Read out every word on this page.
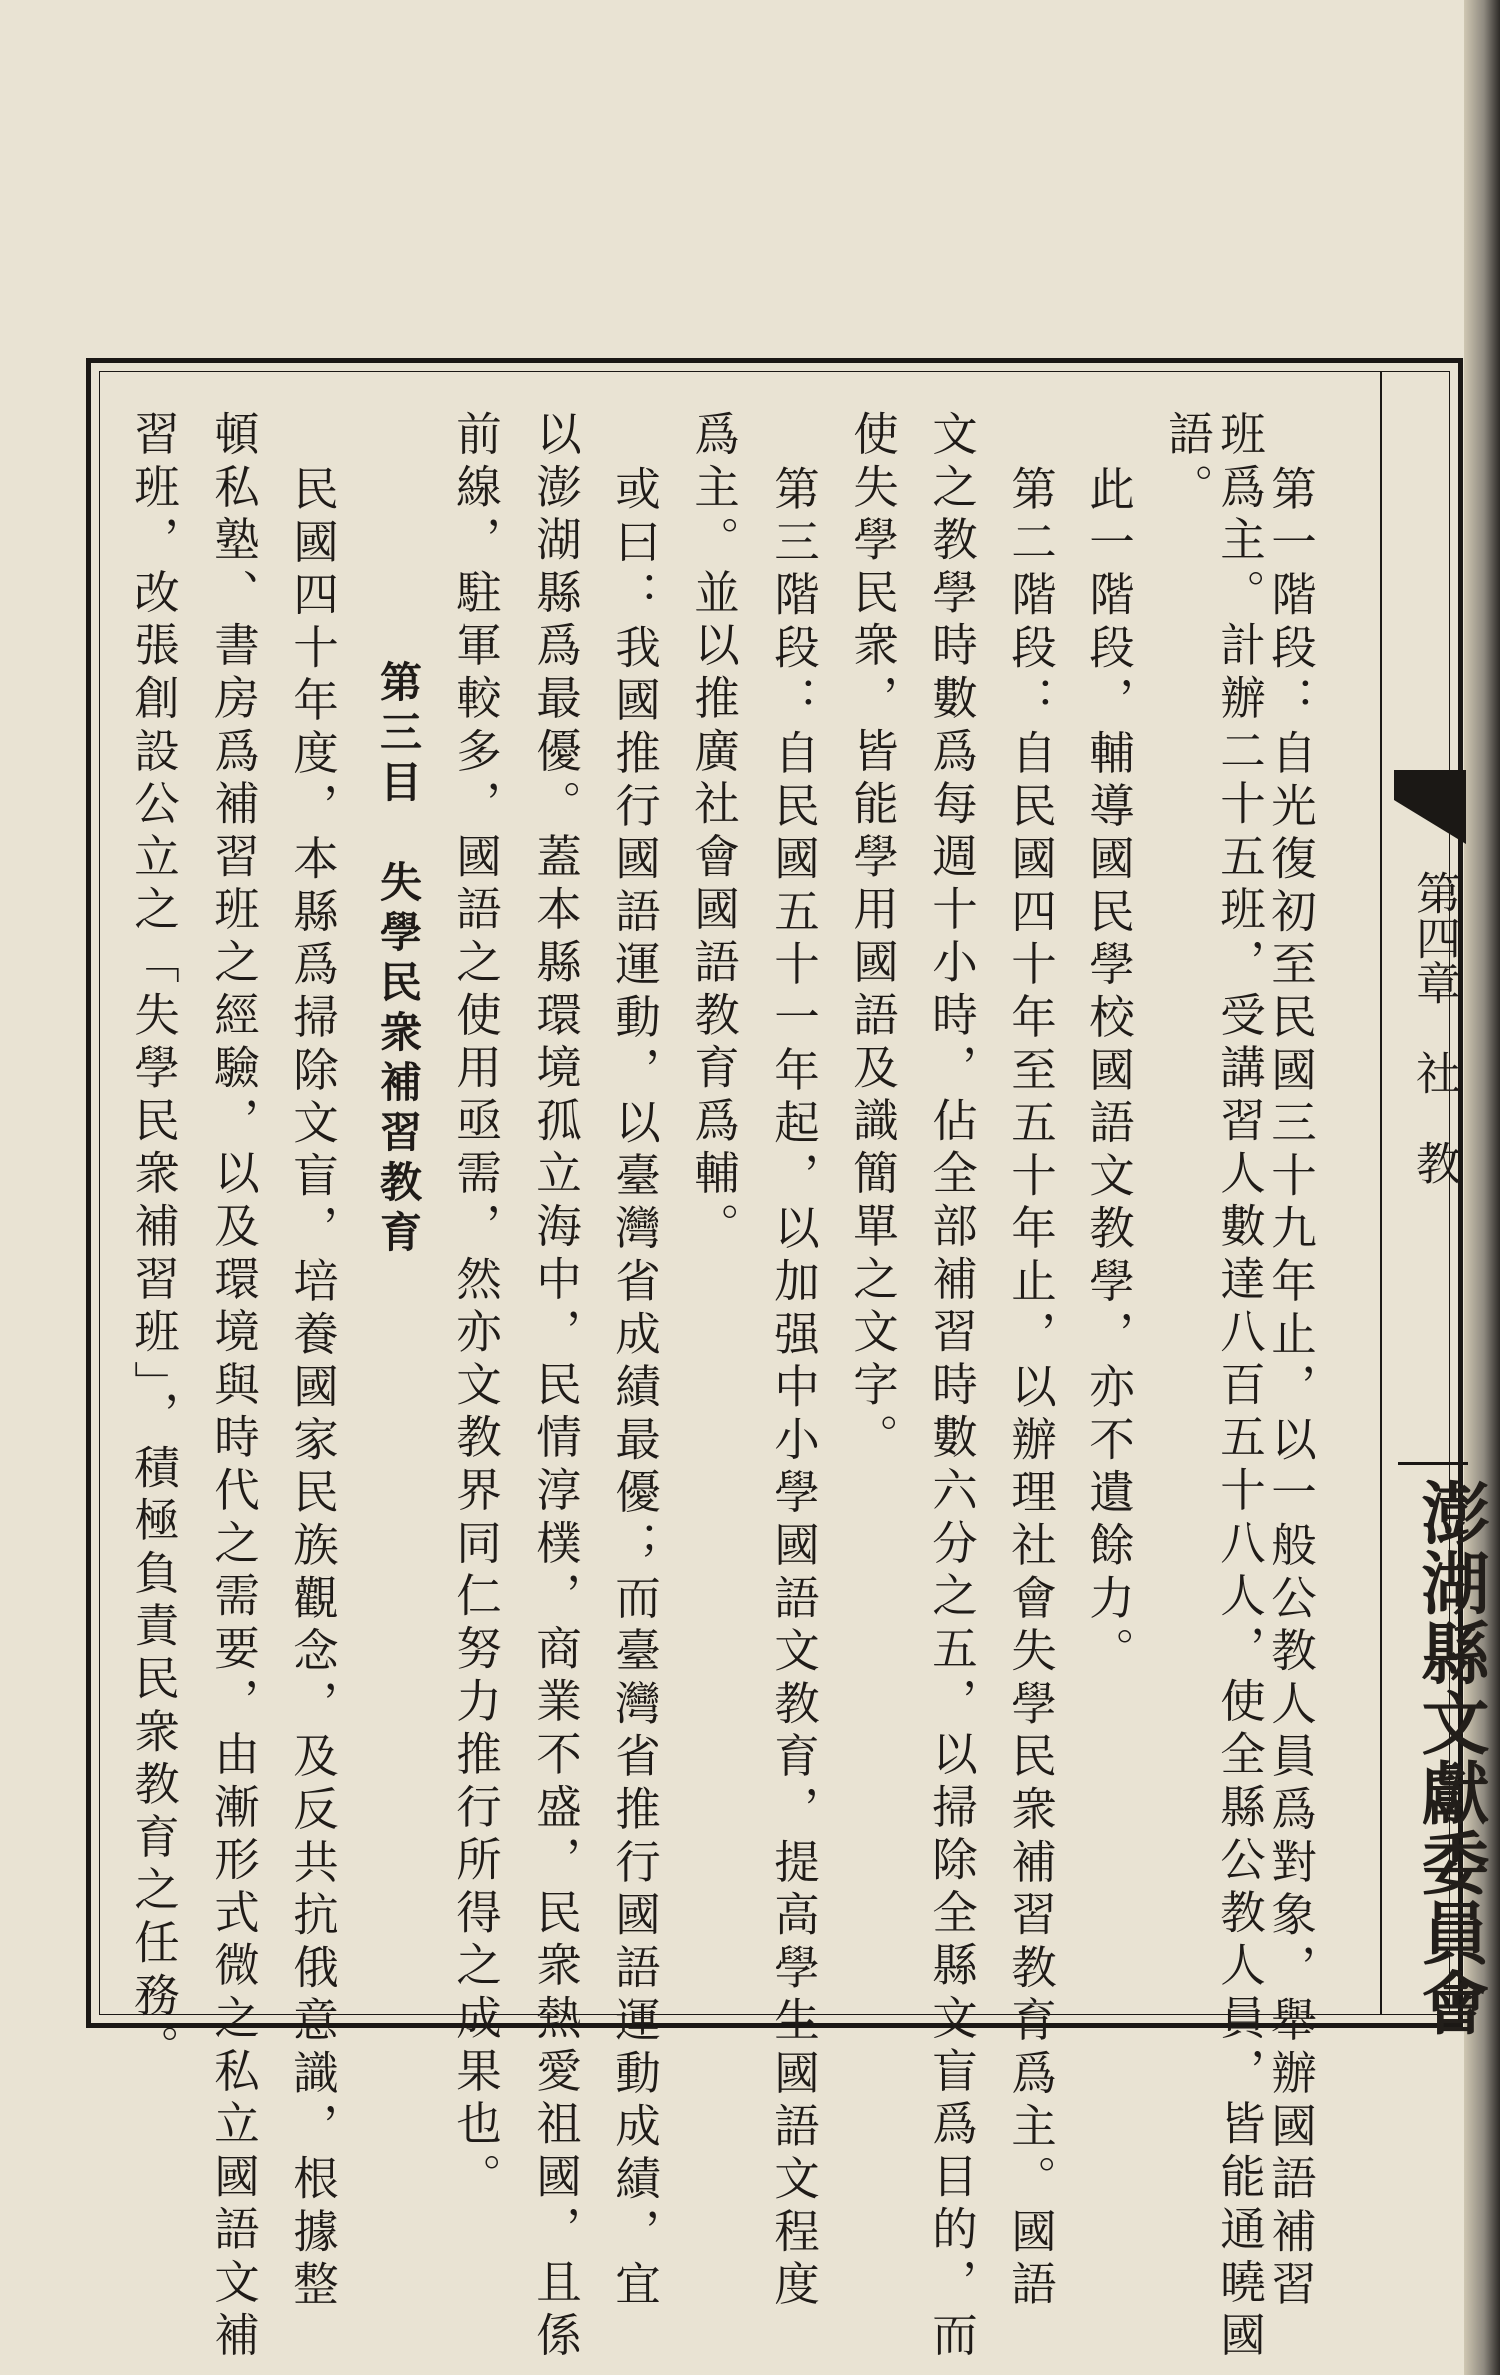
第四章　社　教
澎湖縣文獻委員會
第一階段：自光復初至民國三十九年止，以一般公教人員爲對象，舉辦國語補習
班爲主。計辦二十五班，受講習人數達八百五十八人，使全縣公教人員，皆能通曉國
語。
此一階段，輔導國民學校國語文教學，亦不遺餘力。
第二階段：自民國四十年至五十年止，以辦理社會失學民衆補習教育爲主。國語
文之教學時數爲每週十小時，佔全部補習時數六分之五，以掃除全縣文盲爲目的，而
使失學民衆，皆能學用國語及識簡單之文字。
第三階段：自民國五十一年起，以加强中小學國語文教育，提高學生國語文程度
爲主。並以推廣社會國語教育爲輔。
或曰：我國推行國語運動，以臺灣省成績最優；而臺灣省推行國語運動成績，宜
以澎湖縣爲最優。蓋本縣環境孤立海中，民情淳樸，商業不盛，民衆熱愛祖國，且係
前線，駐軍較多，國語之使用亟需，然亦文教界同仁努力推行所得之成果也。
第三目　失學民衆補習教育
民國四十年度，本縣爲掃除文盲，培養國家民族觀念，及反共抗俄意識，根據整
頓私塾、書房爲補習班之經驗，以及環境與時代之需要，由漸形式微之私立國語文補
習班，改張創設公立之「失學民衆補習班」，積極負責民衆教育之任務。
